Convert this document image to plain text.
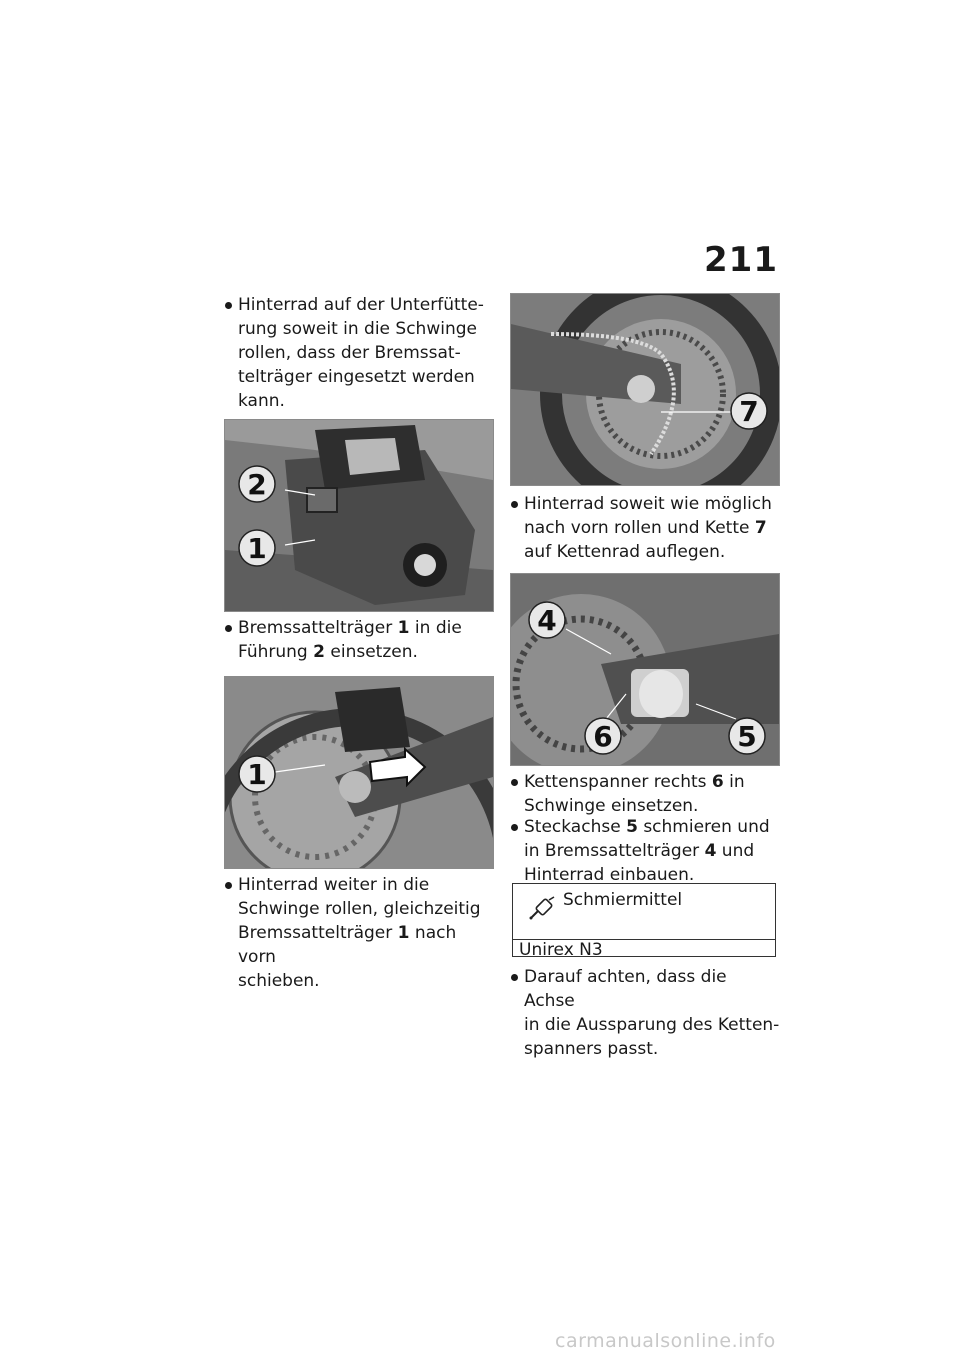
211
Hinterrad auf der Unterfütte-
rung soweit in die Schwinge
rollen, dass der Bremssat-
telträger eingesetzt werden
kann.
2
1
Bremssattelträger 1 in die
Führung 2 einsetzen.
1
Hinterrad weiter in die
Schwinge rollen, gleichzeitig
Bremssattelträger 1 nach vorn
schieben.
7
Hinterrad soweit wie möglich
nach vorn rollen und Kette 7
auf Kettenrad auflegen.
4
6	5
Kettenspanner rechts 6 in
Schwinge einsetzen.
Steckachse 5 schmieren und
in Bremssattelträger 4 und
Hinterrad einbauen.
Schmiermittel
Unirex N3
Darauf achten, dass die Achse
in die Aussparung des Ketten-
spanners passt.
carmanualsonline.info
